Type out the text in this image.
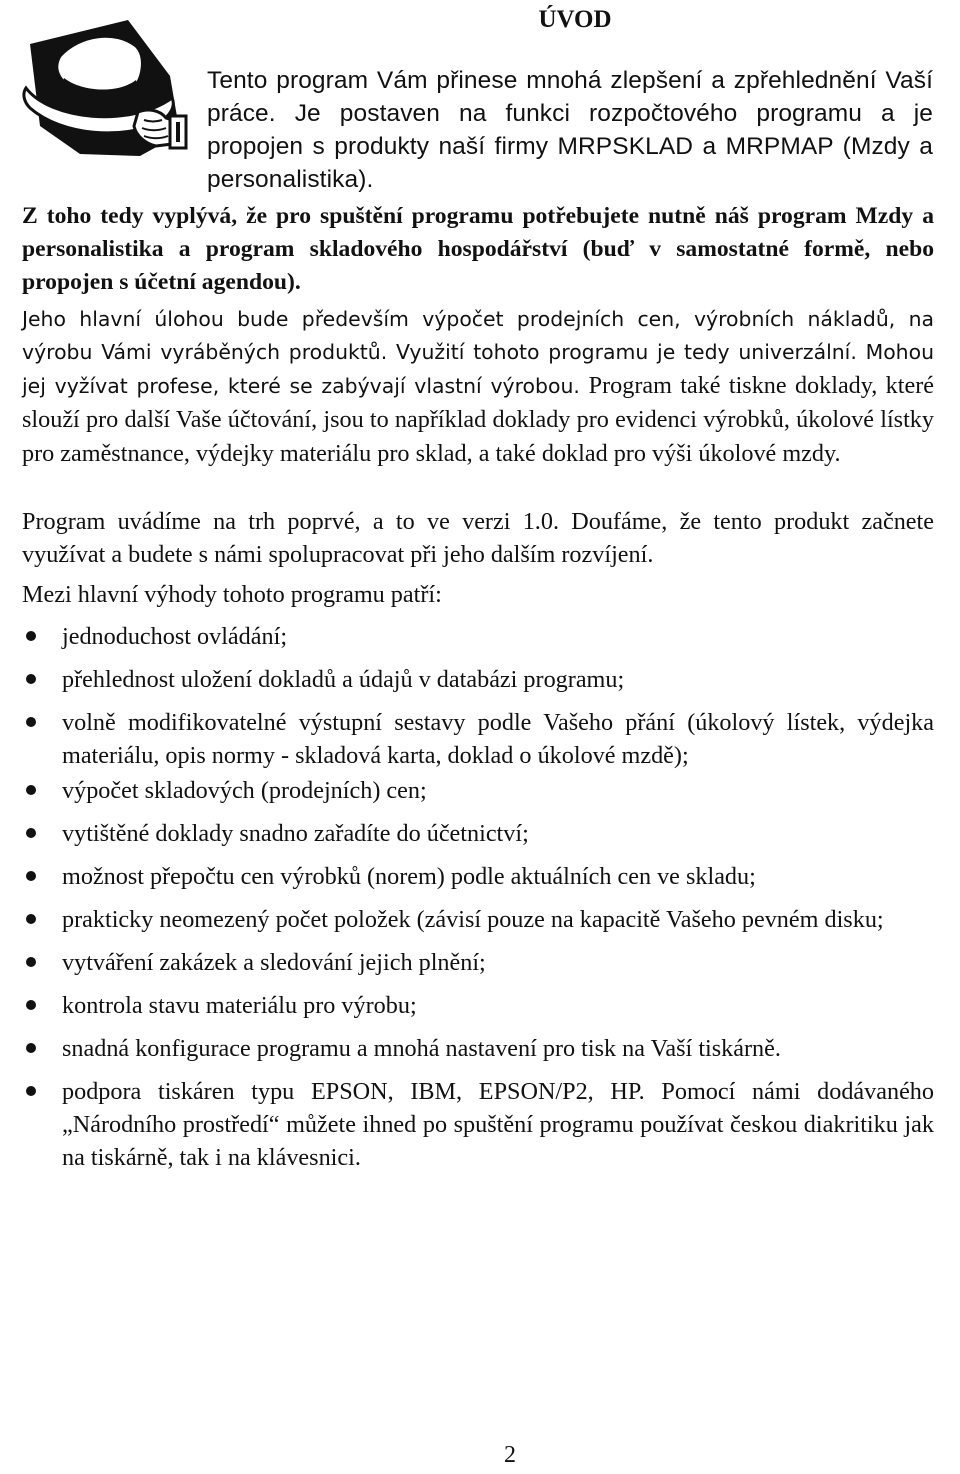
ÚVOD

Tento program Vám přinese mnohá zlepšení a zpřehlednění Vaší práce. Je postaven na funkci rozpočtového programu a je propojen s produkty naší firmy MRPSKLAD a MRPMAP (Mzdy a personalistika).

Z toho tedy vyplývá, že pro spuštění programu potřebujete nutně náš program Mzdy a personalistika a program skladového hospodářství (buď v samostatné formě, nebo propojen s účetní agendou).

Jeho hlavní úlohou bude především výpočet prodejních cen, výrobních nákladů, na výrobu Vámi vyráběných produktů. Využití tohoto programu je tedy univerzální. Mohou jej vyžívat profese, které se zabývají vlastní výrobou. Program také tiskne doklady, které slouží pro další Vaše účtování, jsou to například doklady pro evidenci výrobků, úkolové lístky pro zaměstnance, výdejky materiálu pro sklad, a také doklad pro výši úkolové mzdy.

Program uvádíme na trh poprvé, a to ve verzi 1.0. Doufáme, že tento produkt začnete využívat a budete s námi spolupracovat při jeho dalším rozvíjení.

Mezi hlavní výhody tohoto programu patří:

jednoduchost ovládání;
přehlednost uložení dokladů a údajů v databázi programu;
volně modifikovatelné výstupní sestavy podle Vašeho přání (úkolový lístek, výdejka materiálu, opis normy - skladová karta, doklad o úkolové mzdě);
výpočet skladových (prodejních) cen;
vytištěné doklady snadno zařadíte do účetnictví;
možnost přepočtu cen výrobků (norem) podle aktuálních cen ve skladu;
prakticky neomezený počet položek (závisí pouze na kapacitě Vašeho pevném disku;
vytváření zakázek a sledování jejich plnění;
kontrola stavu materiálu pro výrobu;
snadná konfigurace programu a mnohá nastavení pro tisk na Vaší tiskárně.
podpora tiskáren typu EPSON, IBM, EPSON/P2, HP. Pomocí námi dodávaného „Národního prostředí“ můžete ihned po spuštění programu používat českou diakritiku jak na tiskárně, tak i na klávesnici.
2
